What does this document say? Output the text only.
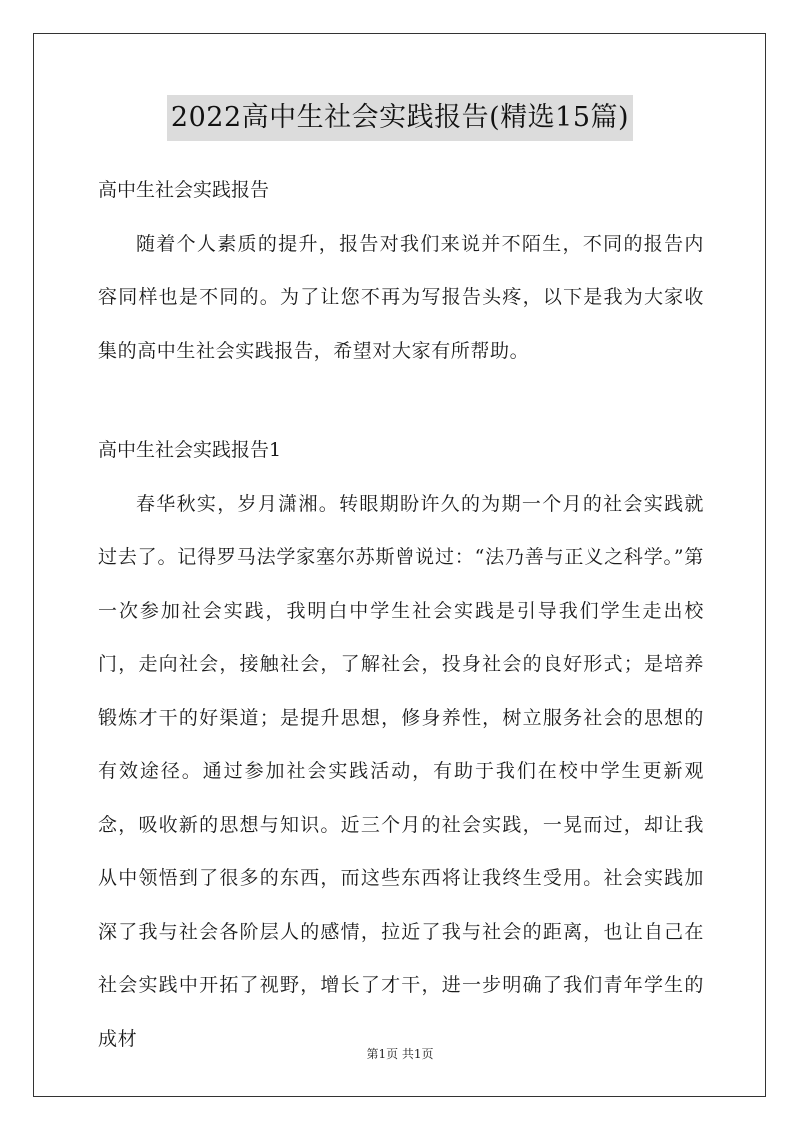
2022高中生社会实践报告(精选15篇)

高中生社会实践报告

随着个人素质的提升，报告对我们来说并不陌生，不同的报告内容同样也是不同的。为了让您不再为写报告头疼，以下是我为大家收集的高中生社会实践报告，希望对大家有所帮助。

高中生社会实践报告1

春华秋实，岁月潇湘。转眼期盼许久的为期一个月的社会实践就过去了。记得罗马法学家塞尔苏斯曾说过：“法乃善与正义之科学。”第一次参加社会实践，我明白中学生社会实践是引导我们学生走出校门，走向社会，接触社会，了解社会，投身社会的良好形式；是培养锻炼才干的好渠道；是提升思想，修身养性，树立服务社会的思想的有效途径。通过参加社会实践活动，有助于我们在校中学生更新观念，吸收新的思想与知识。近三个月的社会实践，一晃而过，却让我从中领悟到了很多的东西，而这些东西将让我终生受用。社会实践加深了我与社会各阶层人的感情，拉近了我与社会的距离，也让自己在社会实践中开拓了视野，增长了才干，进一步明确了我们青年学生的成材

第1页 共1页
